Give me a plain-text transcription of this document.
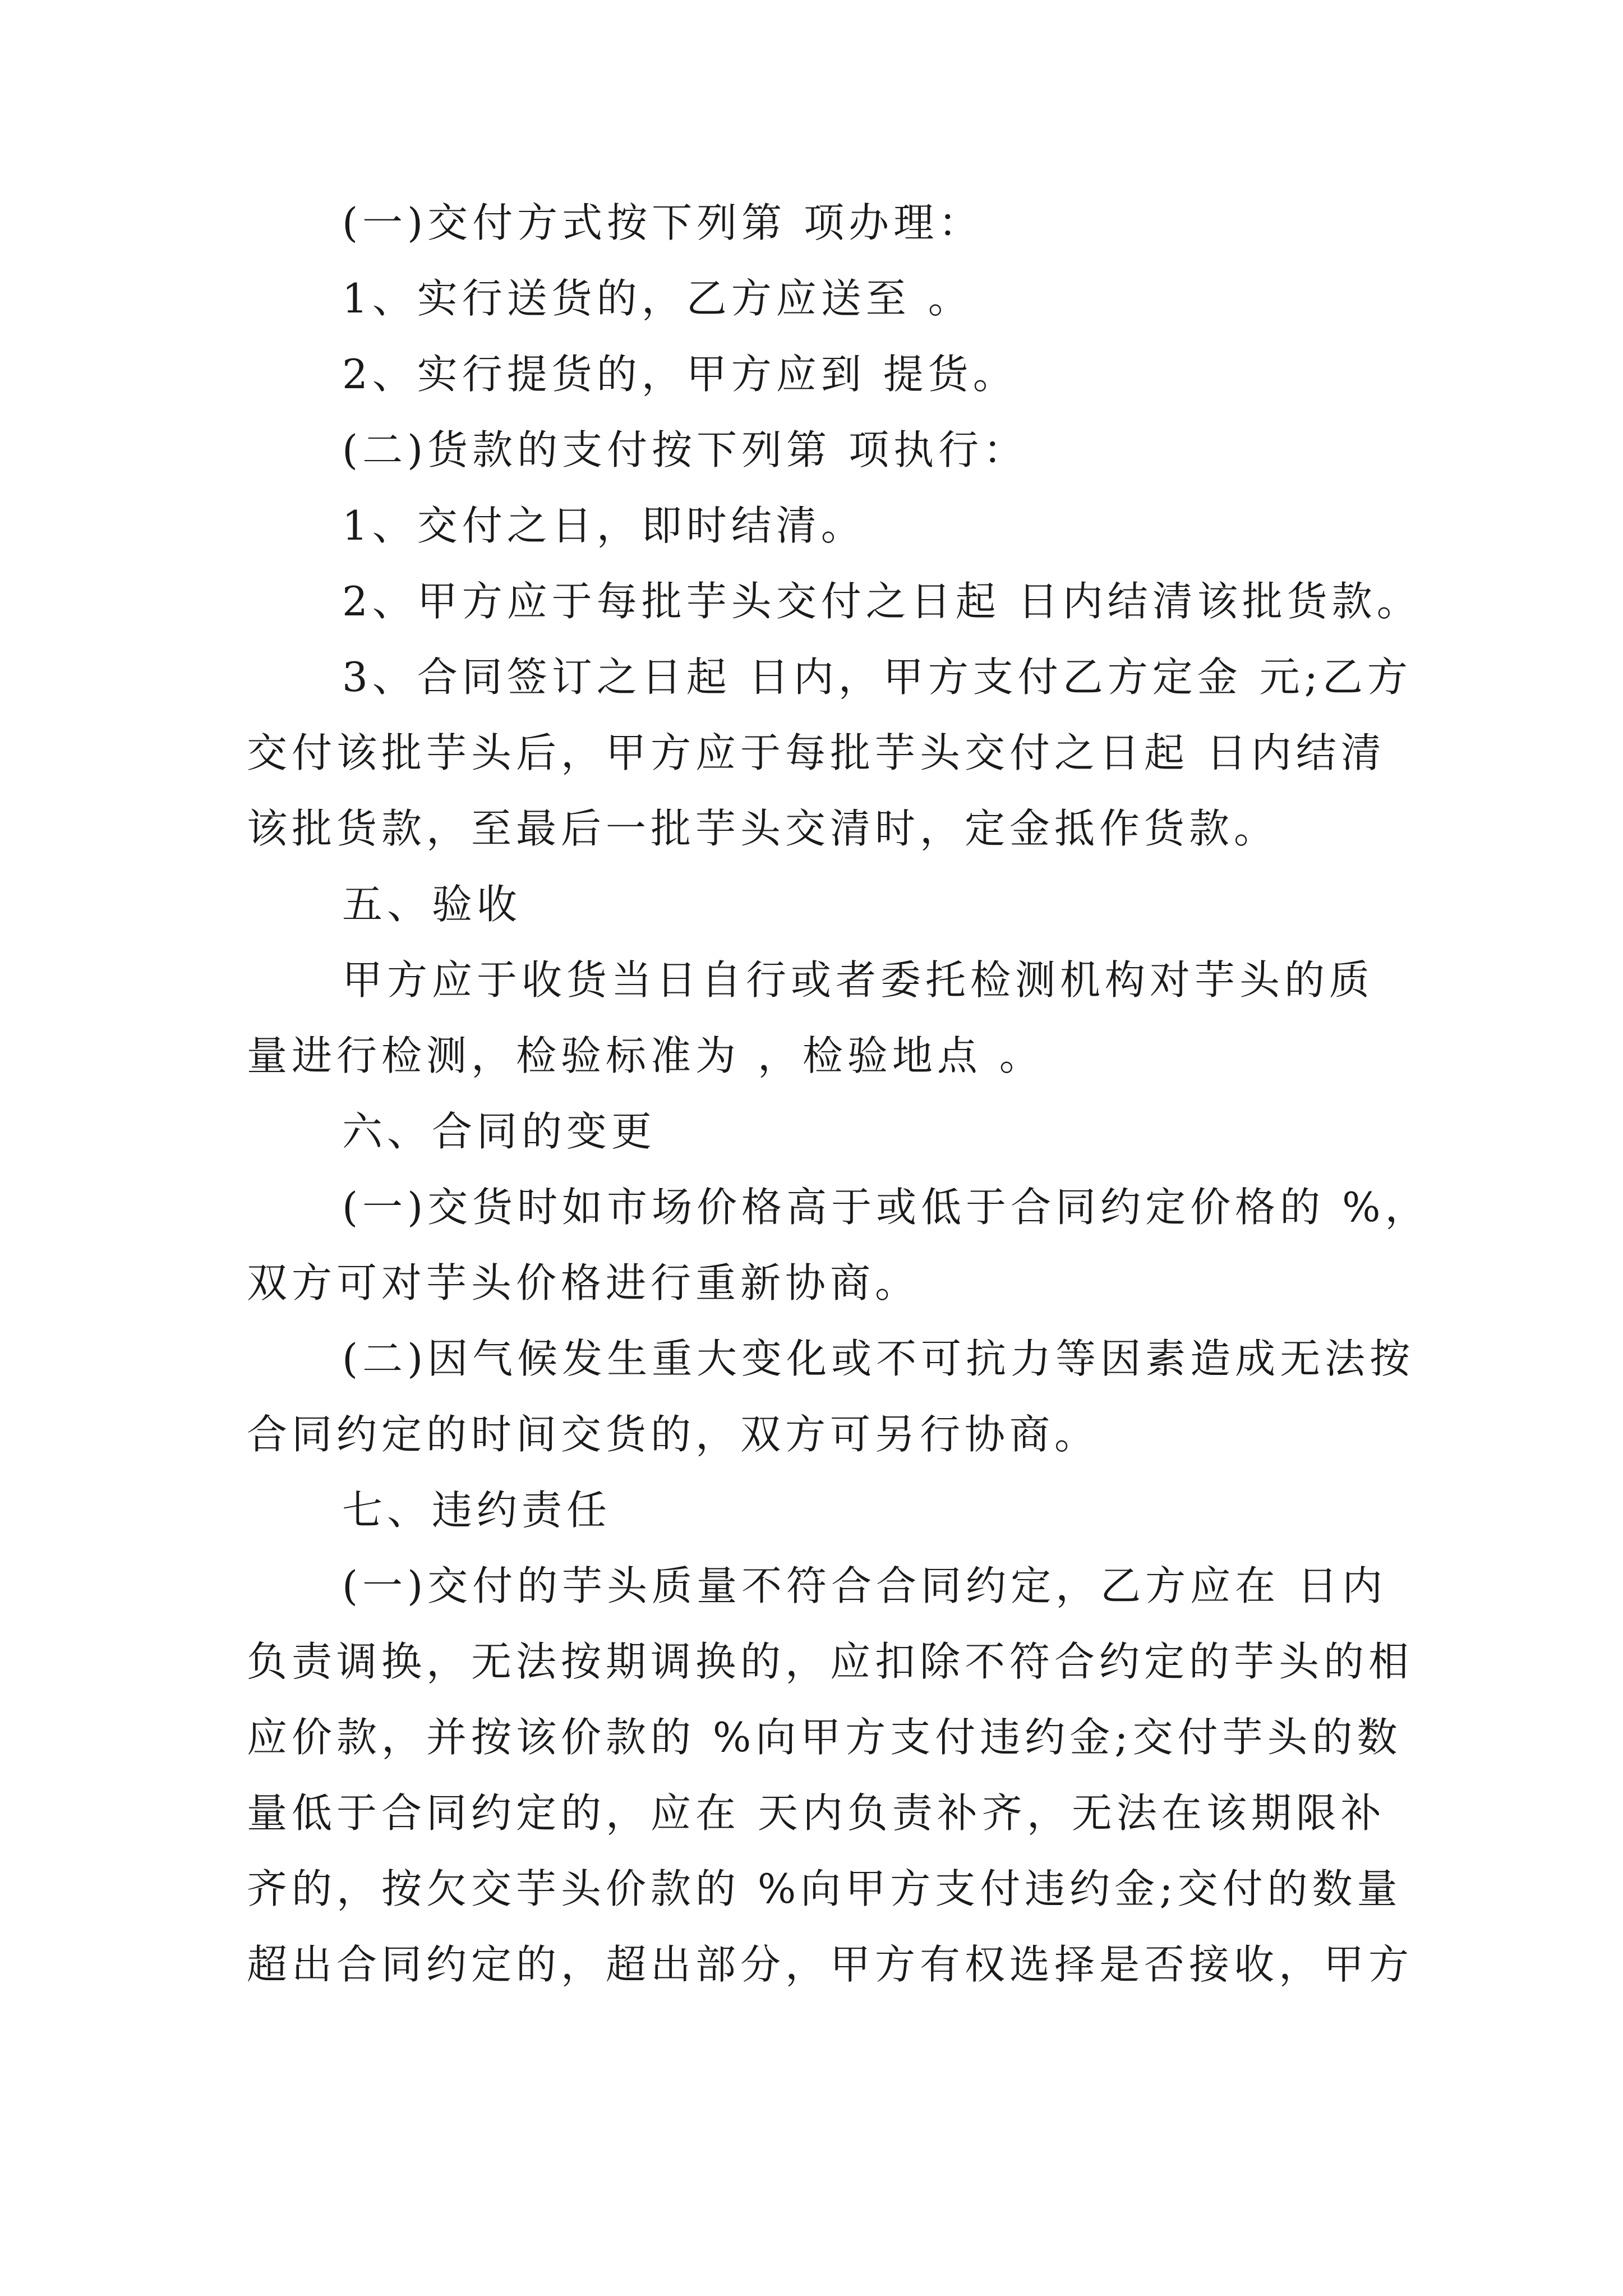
(一)交付方式按下列第 项办理：
1、实行送货的，乙方应送至 。
2、实行提货的，甲方应到 提货。
(二)货款的支付按下列第 项执行：
1、交付之日，即时结清。
2、甲方应于每批芋头交付之日起 日内结清该批货款。
3、合同签订之日起 日内，甲方支付乙方定金 元;乙方
交付该批芋头后，甲方应于每批芋头交付之日起 日内结清
该批货款，至最后一批芋头交清时，定金抵作货款。
五、验收
甲方应于收货当日自行或者委托检测机构对芋头的质
量进行检测，检验标准为 ，检验地点 。
六、合同的变更
(一)交货时如市场价格高于或低于合同约定价格的 %，
双方可对芋头价格进行重新协商。
(二)因气候发生重大变化或不可抗力等因素造成无法按
合同约定的时间交货的，双方可另行协商。
七、违约责任
(一)交付的芋头质量不符合合同约定，乙方应在 日内
负责调换，无法按期调换的，应扣除不符合约定的芋头的相
应价款，并按该价款的 %向甲方支付违约金;交付芋头的数
量低于合同约定的，应在 天内负责补齐，无法在该期限补
齐的，按欠交芋头价款的 %向甲方支付违约金;交付的数量
超出合同约定的，超出部分，甲方有权选择是否接收，甲方
